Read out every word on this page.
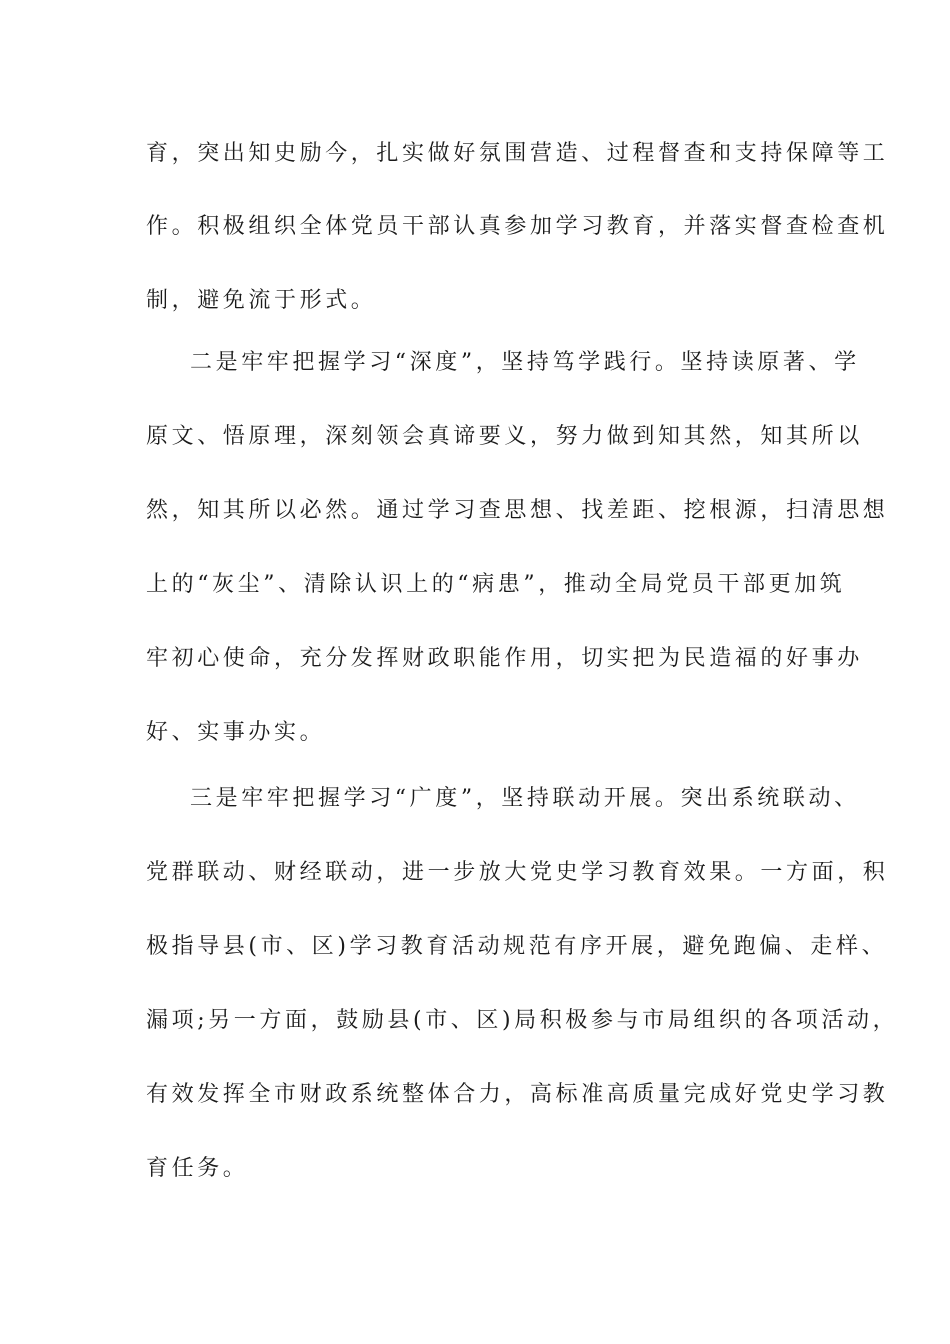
育，突出知史励今，扎实做好氛围营造、过程督查和支持保障等工
作。积极组织全体党员干部认真参加学习教育，并落实督查检查机
制，避免流于形式。
二是牢牢把握学习“深度”，坚持笃学践行。坚持读原著、学
原文、悟原理，深刻领会真谛要义，努力做到知其然，知其所以
然，知其所以必然。通过学习查思想、找差距、挖根源，扫清思想
上的“灰尘”、清除认识上的“病患”，推动全局党员干部更加筑
牢初心使命，充分发挥财政职能作用，切实把为民造福的好事办
好、实事办实。
三是牢牢把握学习“广度”，坚持联动开展。突出系统联动、
党群联动、财经联动，进一步放大党史学习教育效果。一方面，积
极指导县(市、区)学习教育活动规范有序开展，避免跑偏、走样、
漏项;另一方面，鼓励县(市、区)局积极参与市局组织的各项活动，
有效发挥全市财政系统整体合力，高标准高质量完成好党史学习教
育任务。
